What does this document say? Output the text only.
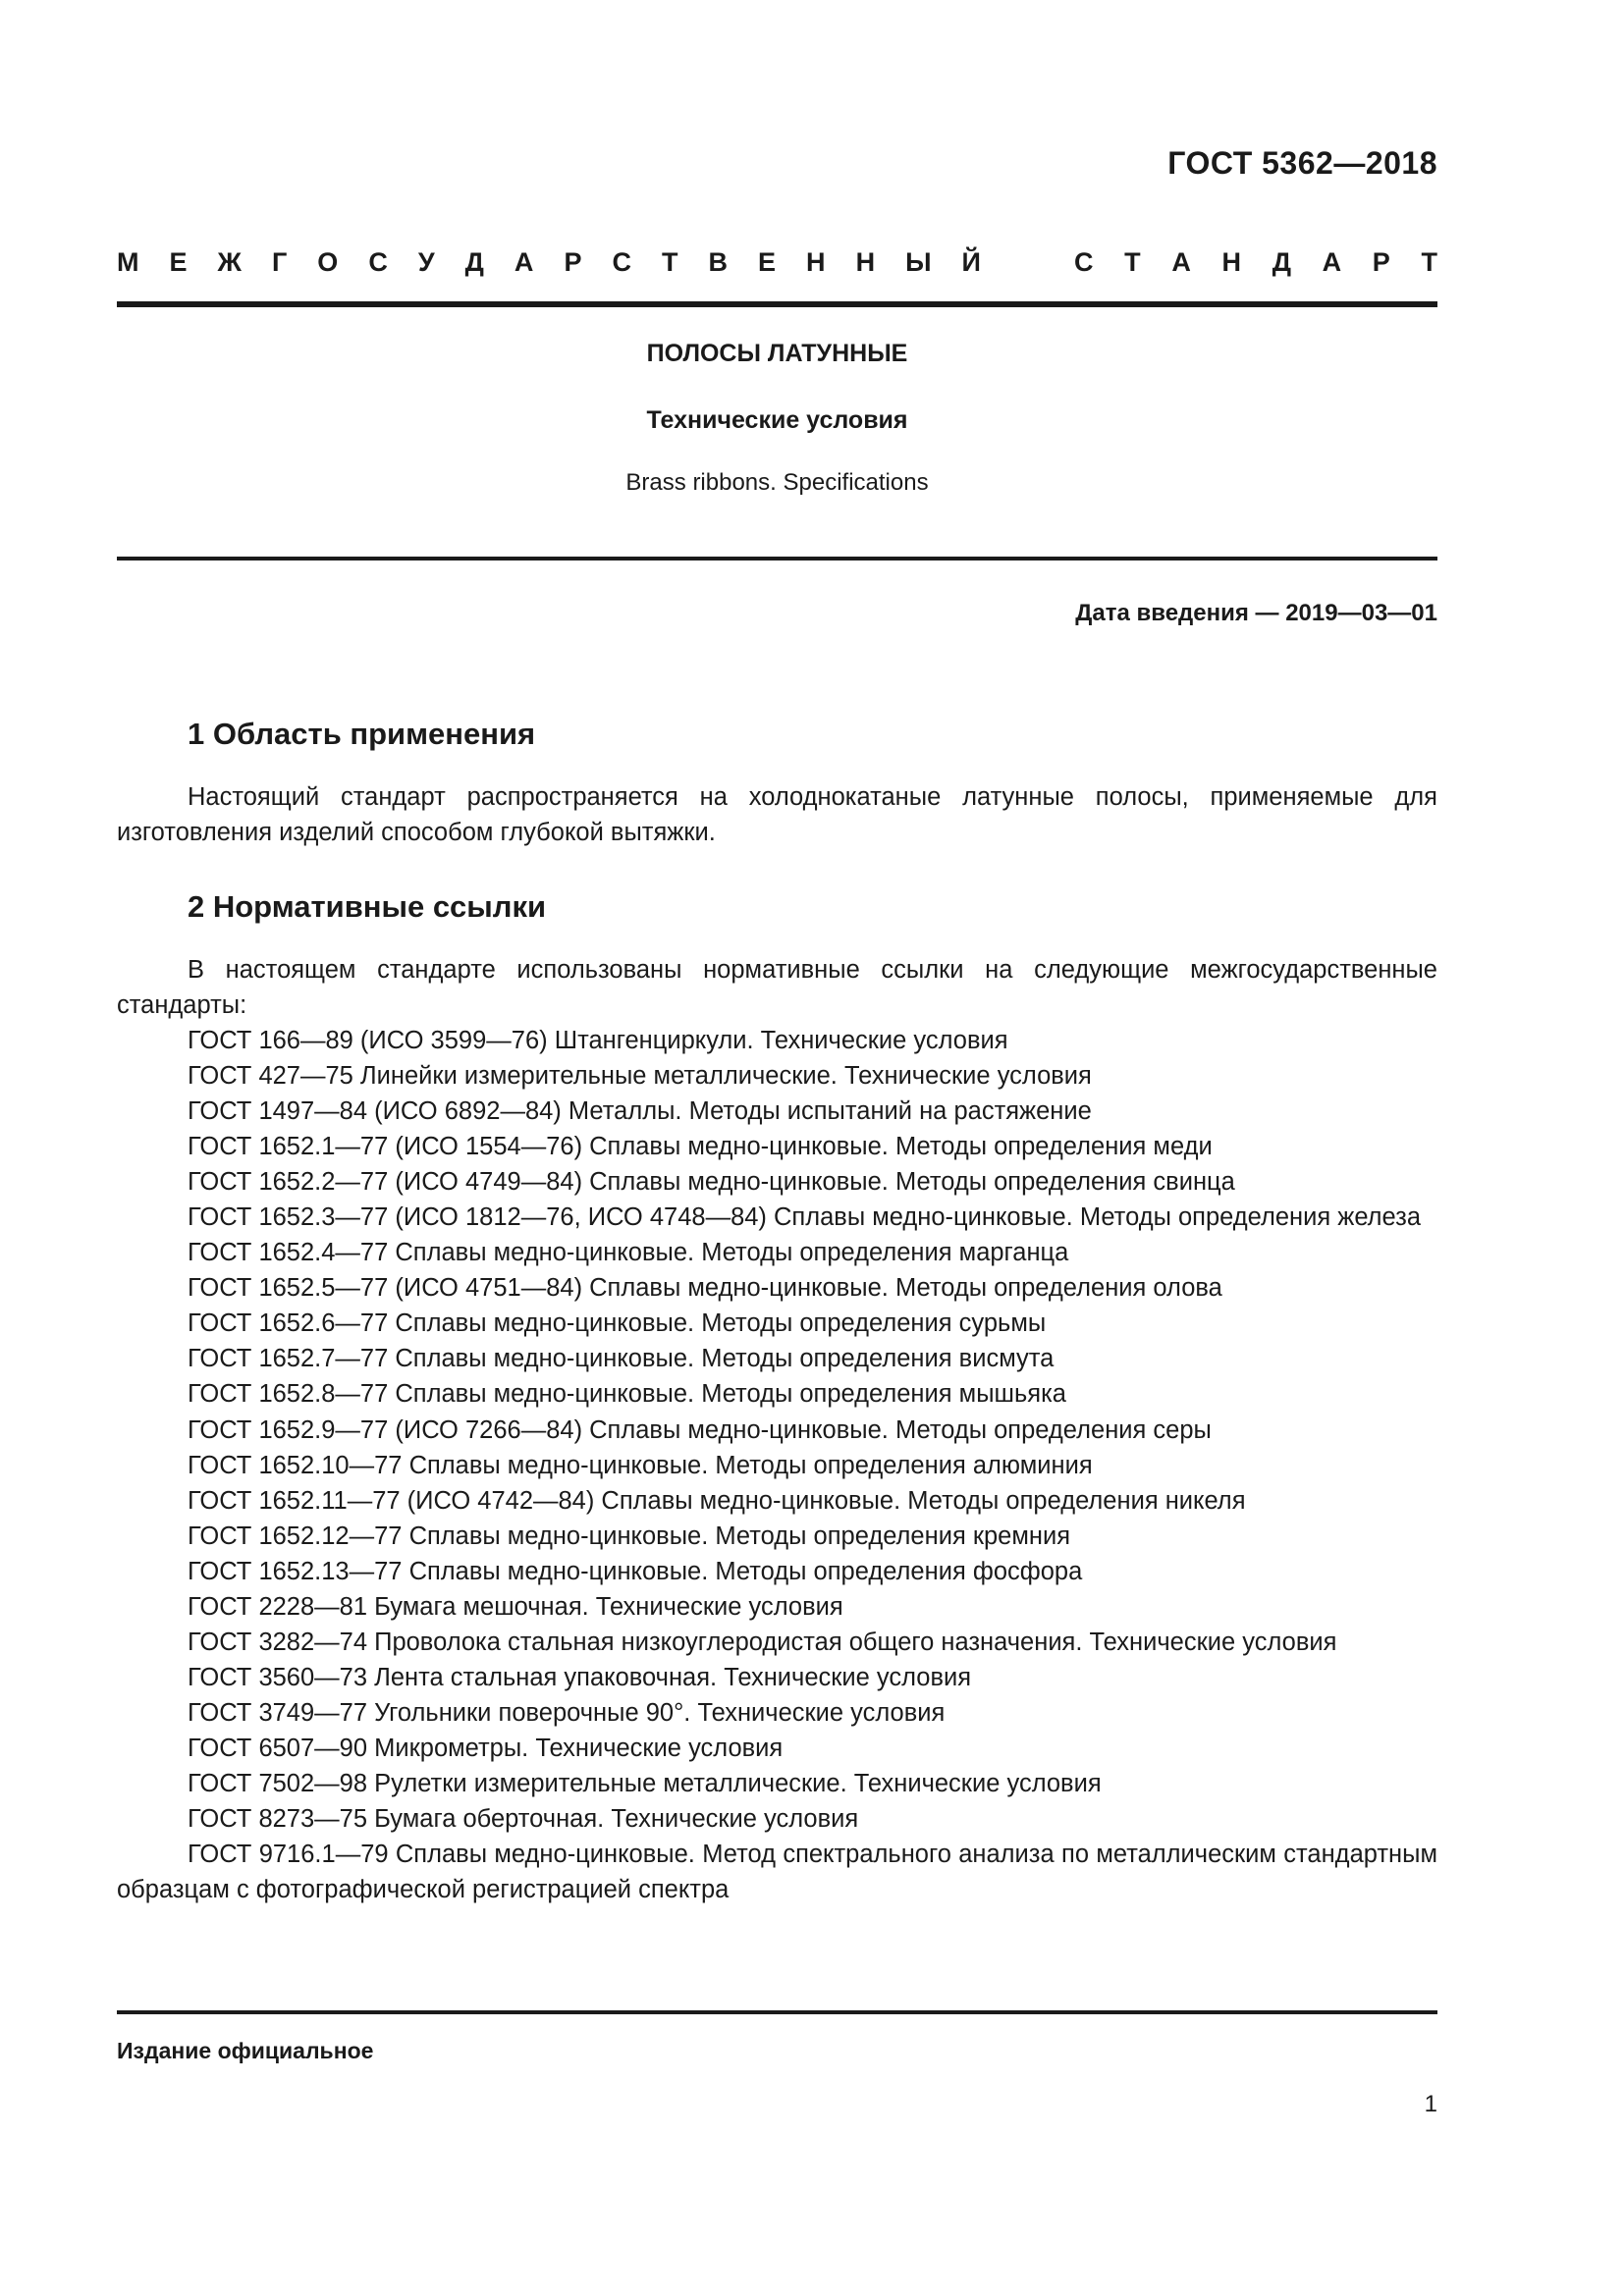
ГОСТ 5362—2018
М Е Ж Г О С У Д А Р С Т В Е Н Н Ы Й	С Т А Н Д А Р Т
ПОЛОСЫ ЛАТУННЫЕ
Технические условия
Brass ribbons. Specifications
Дата введения — 2019—03—01
1 Область применения
Настоящий стандарт распространяется на холоднокатаные латунные полосы, применяемые для изготовления изделий способом глубокой вытяжки.
2 Нормативные ссылки
В настоящем стандарте использованы нормативные ссылки на следующие межгосударственные стандарты:
ГОСТ 166—89 (ИСО 3599—76) Штангенциркули. Технические условия
ГОСТ 427—75 Линейки измерительные металлические. Технические условия
ГОСТ 1497—84 (ИСО 6892—84) Металлы. Методы испытаний на растяжение
ГОСТ 1652.1—77 (ИСО 1554—76) Сплавы медно-цинковые. Методы определения меди
ГОСТ 1652.2—77 (ИСО 4749—84) Сплавы медно-цинковые. Методы определения свинца
ГОСТ 1652.3—77 (ИСО 1812—76, ИСО 4748—84) Сплавы медно-цинковые. Методы определения железа
ГОСТ 1652.4—77 Сплавы медно-цинковые. Методы определения марганца
ГОСТ 1652.5—77 (ИСО 4751—84) Сплавы медно-цинковые. Методы определения олова
ГОСТ 1652.6—77 Сплавы медно-цинковые. Методы определения сурьмы
ГОСТ 1652.7—77 Сплавы медно-цинковые. Методы определения висмута
ГОСТ 1652.8—77 Сплавы медно-цинковые. Методы определения мышьяка
ГОСТ 1652.9—77 (ИСО 7266—84) Сплавы медно-цинковые. Методы определения серы
ГОСТ 1652.10—77 Сплавы медно-цинковые. Методы определения алюминия
ГОСТ 1652.11—77 (ИСО 4742—84) Сплавы медно-цинковые. Методы определения никеля
ГОСТ 1652.12—77 Сплавы медно-цинковые. Методы определения кремния
ГОСТ 1652.13—77 Сплавы медно-цинковые. Методы определения фосфора
ГОСТ 2228—81 Бумага мешочная. Технические условия
ГОСТ 3282—74 Проволока стальная низкоуглеродистая общего назначения. Технические условия
ГОСТ 3560—73 Лента стальная упаковочная. Технические условия
ГОСТ 3749—77 Угольники поверочные 90°. Технические условия
ГОСТ 6507—90 Микрометры. Технические условия
ГОСТ 7502—98 Рулетки измерительные металлические. Технические условия
ГОСТ 8273—75 Бумага оберточная. Технические условия
ГОСТ 9716.1—79 Сплавы медно-цинковые. Метод спектрального анализа по металлическим стандартным образцам с фотографической регистрацией спектра
Издание официальное
1
